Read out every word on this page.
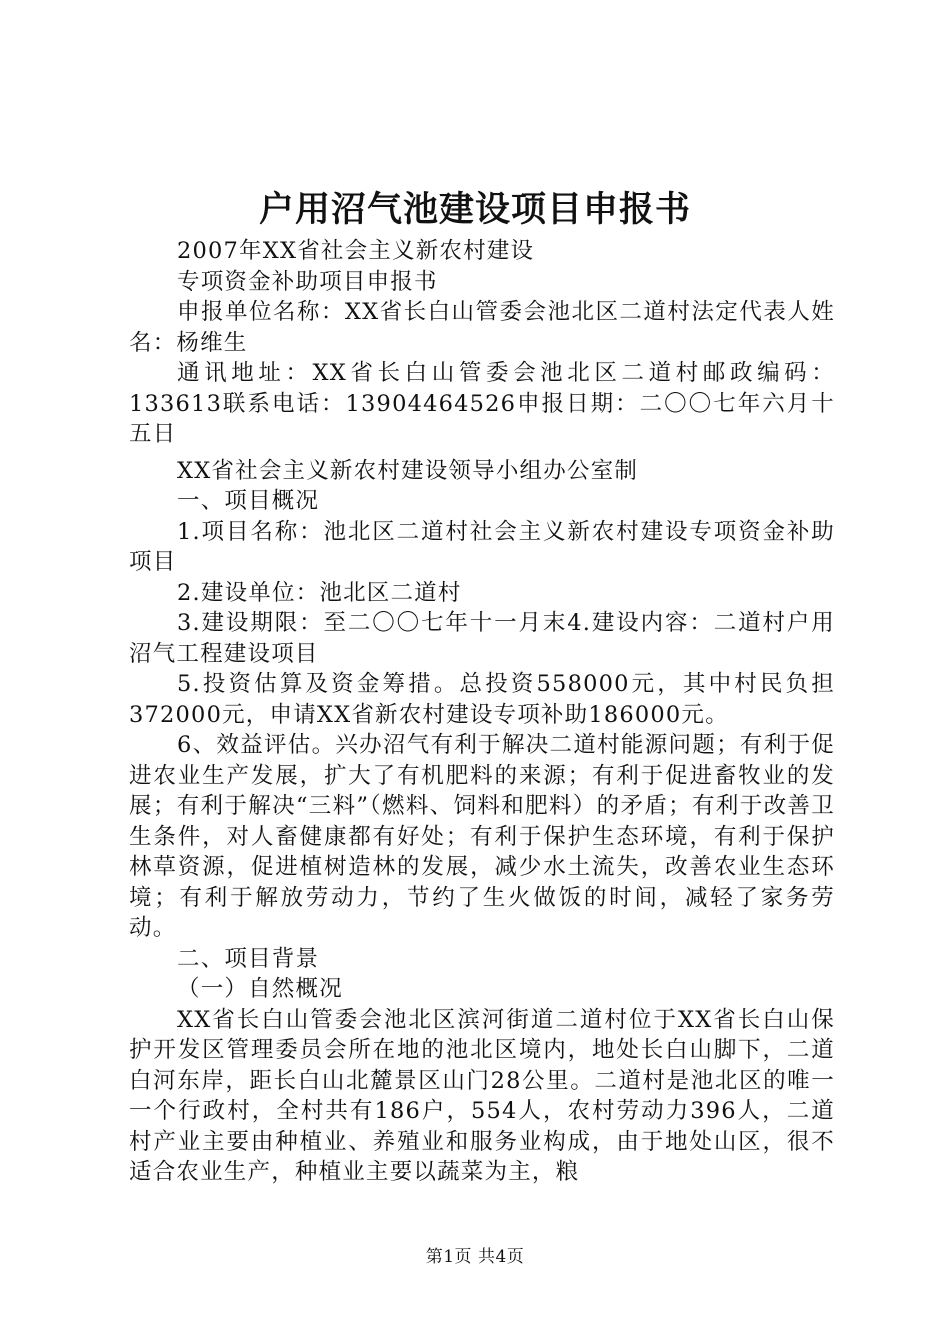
户用沼气池建设项目申报书

2007年XX省社会主义新农村建设

专项资金补助项目申报书

申报单位名称：XX省长白山管委会池北区二道村法定代表人姓名：杨维生

通讯地址：XX省长白山管委会池北区二道村邮政编码：133613联系电话：13904464526申报日期：二〇〇七年六月十五日

XX省社会主义新农村建设领导小组办公室制

一、项目概况

1.项目名称：池北区二道村社会主义新农村建设专项资金补助项目

2.建设单位：池北区二道村

3.建设期限：至二〇〇七年十一月末4.建设内容：二道村户用沼气工程建设项目

5.投资估算及资金筹措。总投资558000元，其中村民负担372000元，申请XX省新农村建设专项补助186000元。

6、效益评估。兴办沼气有利于解决二道村能源问题；有利于促进农业生产发展，扩大了有机肥料的来源；有利于促进畜牧业的发展；有利于解决“三料”（燃料、饲料和肥料）的矛盾；有利于改善卫生条件，对人畜健康都有好处；有利于保护生态环境，有利于保护林草资源，促进植树造林的发展，减少水土流失，改善农业生态环境；有利于解放劳动力，节约了生火做饭的时间，减轻了家务劳动。

二、项目背景

（一）自然概况

XX省长白山管委会池北区滨河街道二道村位于XX省长白山保护开发区管理委员会所在地的池北区境内，地处长白山脚下，二道白河东岸，距长白山北麓景区山门28公里。二道村是池北区的唯一一个行政村，全村共有186户，554人，农村劳动力396人，二道村产业主要由种植业、养殖业和服务业构成，由于地处山区，很不适合农业生产，种植业主要以蔬菜为主，粮

第1页 共4页
